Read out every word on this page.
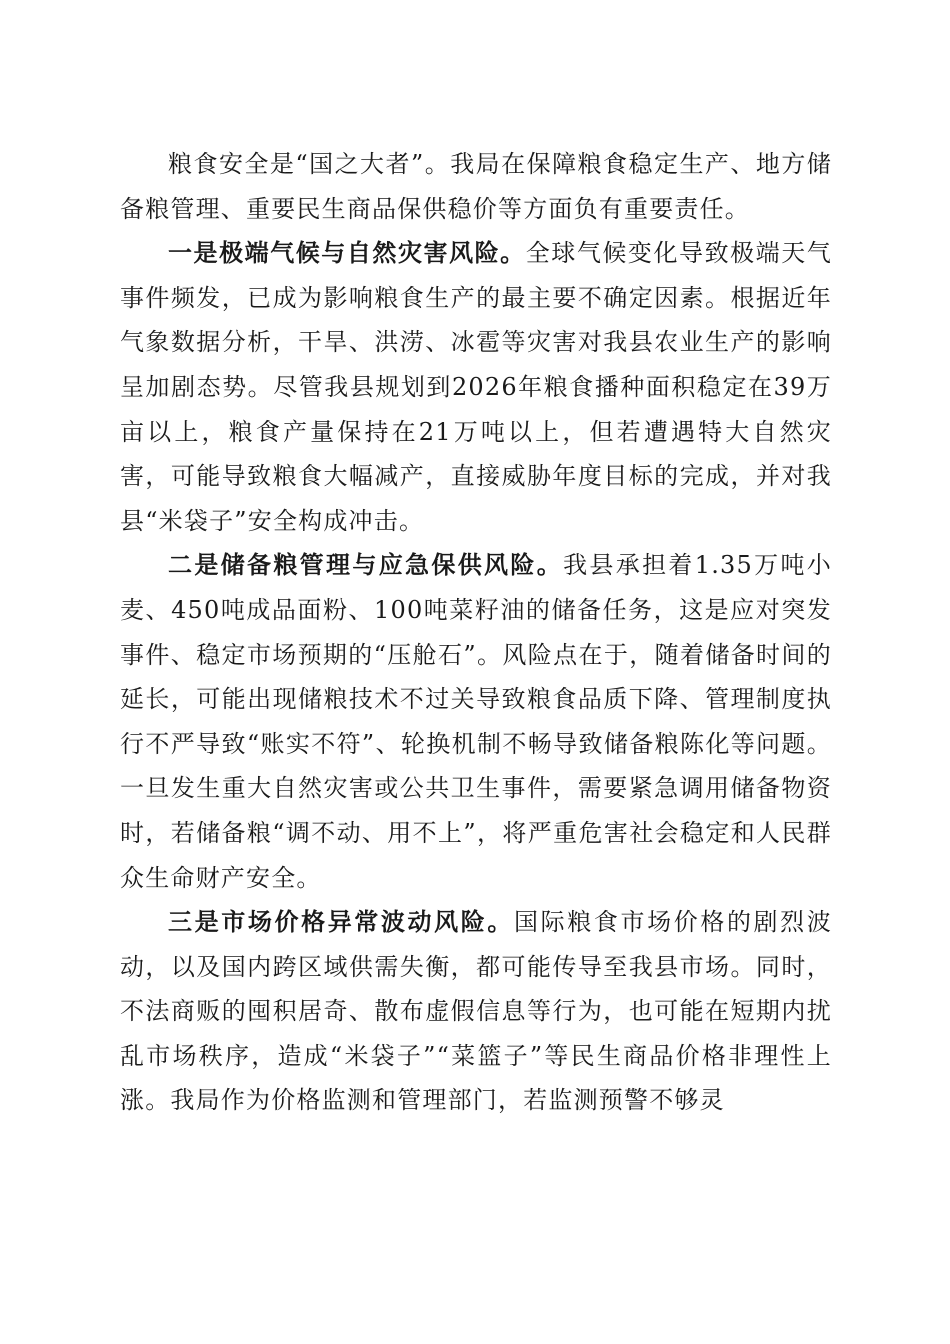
粮食安全是“国之大者”。我局在保障粮食稳定生产、地方储备粮管理、重要民生商品保供稳价等方面负有重要责任。

一是极端气候与自然灾害风险。全球气候变化导致极端天气事件频发，已成为影响粮食生产的最主要不确定因素。根据近年气象数据分析，干旱、洪涝、冰雹等灾害对我县农业生产的影响呈加剧态势。尽管我县规划到2026年粮食播种面积稳定在39万亩以上，粮食产量保持在21万吨以上，但若遭遇特大自然灾害，可能导致粮食大幅减产，直接威胁年度目标的完成，并对我县“米袋子”安全构成冲击。

二是储备粮管理与应急保供风险。我县承担着1.35万吨小麦、450吨成品面粉、100吨菜籽油的储备任务，这是应对突发事件、稳定市场预期的“压舱石”。风险点在于，随着储备时间的延长，可能出现储粮技术不过关导致粮食品质下降、管理制度执行不严导致“账实不符”、轮换机制不畅导致储备粮陈化等问题。一旦发生重大自然灾害或公共卫生事件，需要紧急调用储备物资时，若储备粮“调不动、用不上”，将严重危害社会稳定和人民群众生命财产安全。

三是市场价格异常波动风险。国际粮食市场价格的剧烈波动，以及国内跨区域供需失衡，都可能传导至我县市场。同时，不法商贩的囤积居奇、散布虚假信息等行为，也可能在短期内扰乱市场秩序，造成“米袋子”“菜篮子”等民生商品价格非理性上涨。我局作为价格监测和管理部门，若监测预警不够灵
